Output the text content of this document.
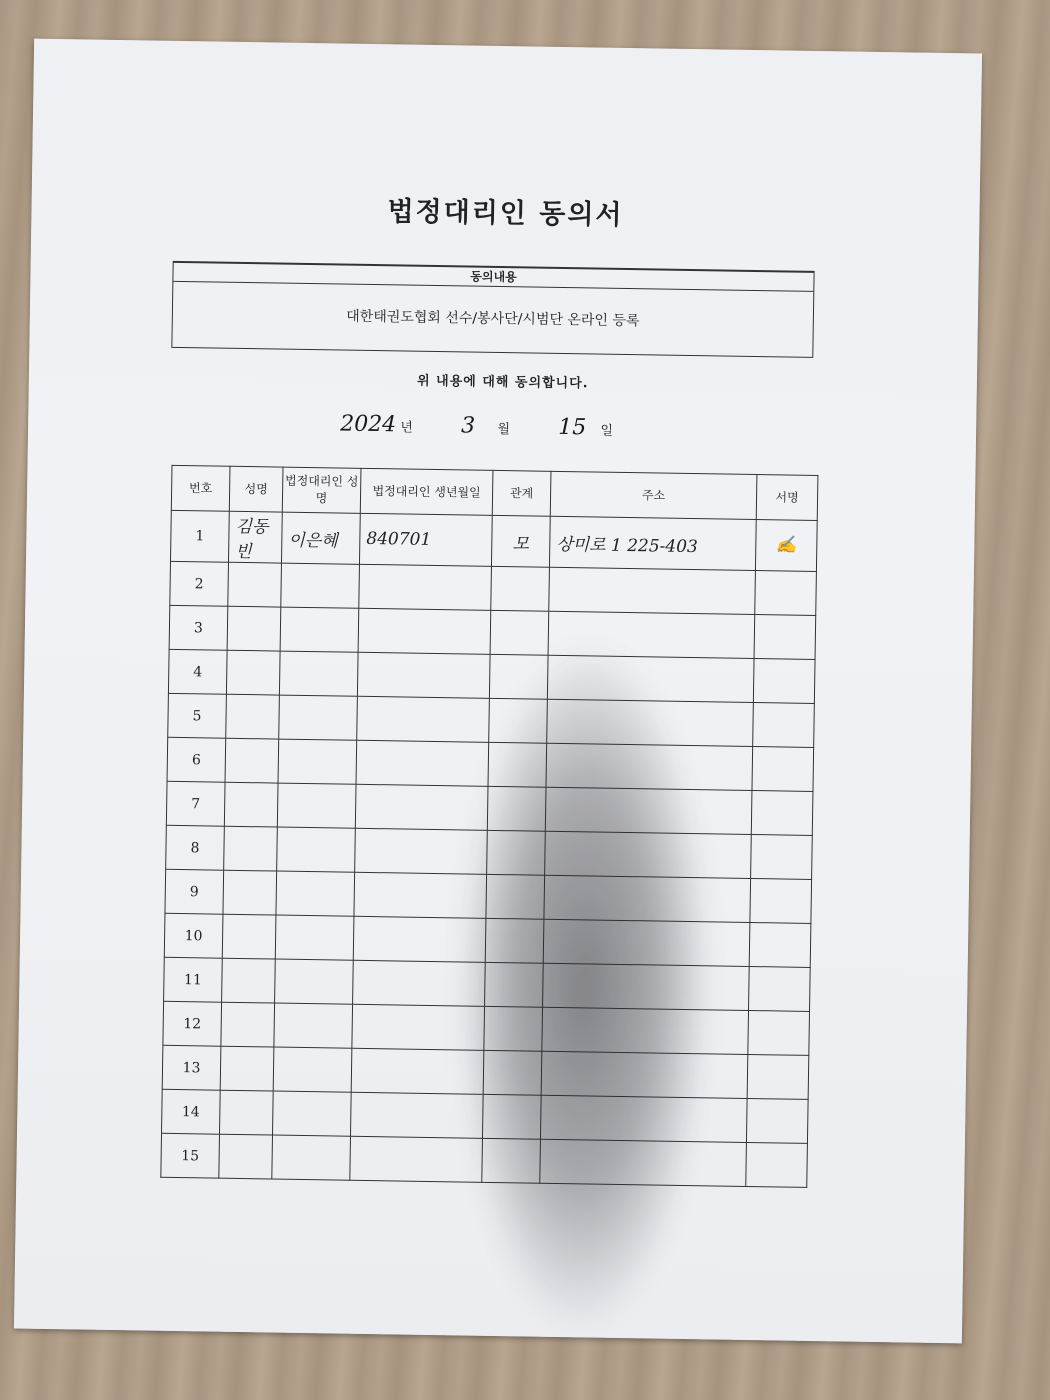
법정대리인 동의서
동의내용
대한태권도협회 선수/봉사단/시범단 온라인 등록
위 내용에 대해 동의합니다.
2024 년 3 월 15 일
번호	성명	법정대리인 성명	법정대리인 생년월일	관계	주소	서명
1	김동빈	이은혜	840701	모	상미로 1 225-403	✍
2						
3						
4						
5						
6						
7						
8						
9						
10						
11						
12						
13						
14						
15						
